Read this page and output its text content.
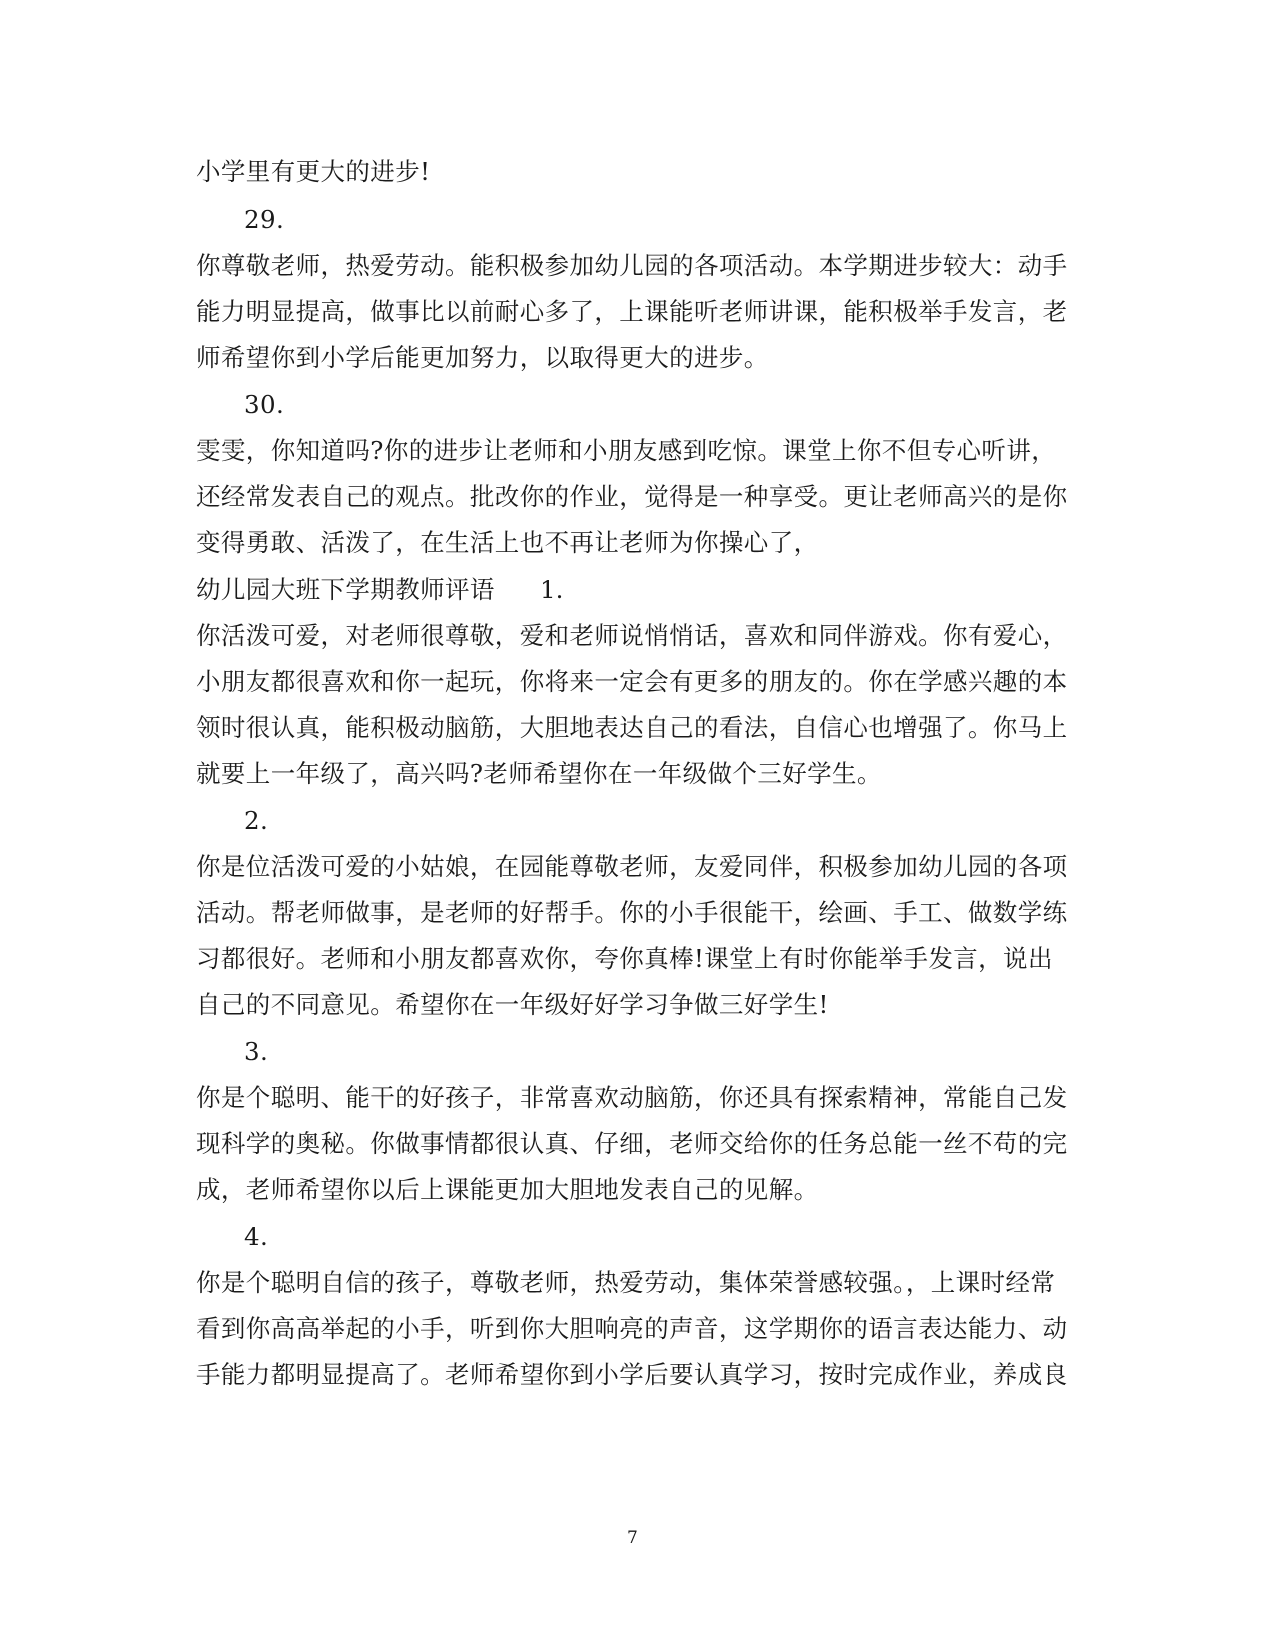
小学里有更大的进步!
29.
你尊敬老师，热爱劳动。能积极参加幼儿园的各项活动。本学期进步较大：动手
能力明显提高，做事比以前耐心多了，上课能听老师讲课，能积极举手发言，老
师希望你到小学后能更加努力，以取得更大的进步。
30.
雯雯，你知道吗?你的进步让老师和小朋友感到吃惊。课堂上你不但专心听讲，
还经常发表自己的观点。批改你的作业，觉得是一种享受。更让老师高兴的是你
变得勇敢、活泼了，在生活上也不再让老师为你操心了，
幼儿园大班下学期教师评语	1.
你活泼可爱，对老师很尊敬，爱和老师说悄悄话，喜欢和同伴游戏。你有爱心，
小朋友都很喜欢和你一起玩，你将来一定会有更多的朋友的。你在学感兴趣的本
领时很认真，能积极动脑筋，大胆地表达自己的看法，自信心也增强了。你马上
就要上一年级了，高兴吗?老师希望你在一年级做个三好学生。
2.
你是位活泼可爱的小姑娘，在园能尊敬老师，友爱同伴，积极参加幼儿园的各项
活动。帮老师做事，是老师的好帮手。你的小手很能干，绘画、手工、做数学练
习都很好。老师和小朋友都喜欢你，夸你真棒!课堂上有时你能举手发言，说出
自己的不同意见。希望你在一年级好好学习争做三好学生!
3.
你是个聪明、能干的好孩子，非常喜欢动脑筋，你还具有探索精神，常能自己发
现科学的奥秘。你做事情都很认真、仔细，老师交给你的任务总能一丝不苟的完
成，老师希望你以后上课能更加大胆地发表自己的见解。
4.
你是个聪明自信的孩子，尊敬老师，热爱劳动，集体荣誉感较强。，上课时经常
看到你高高举起的小手，听到你大胆响亮的声音，这学期你的语言表达能力、动
手能力都明显提高了。老师希望你到小学后要认真学习，按时完成作业，养成良
7
